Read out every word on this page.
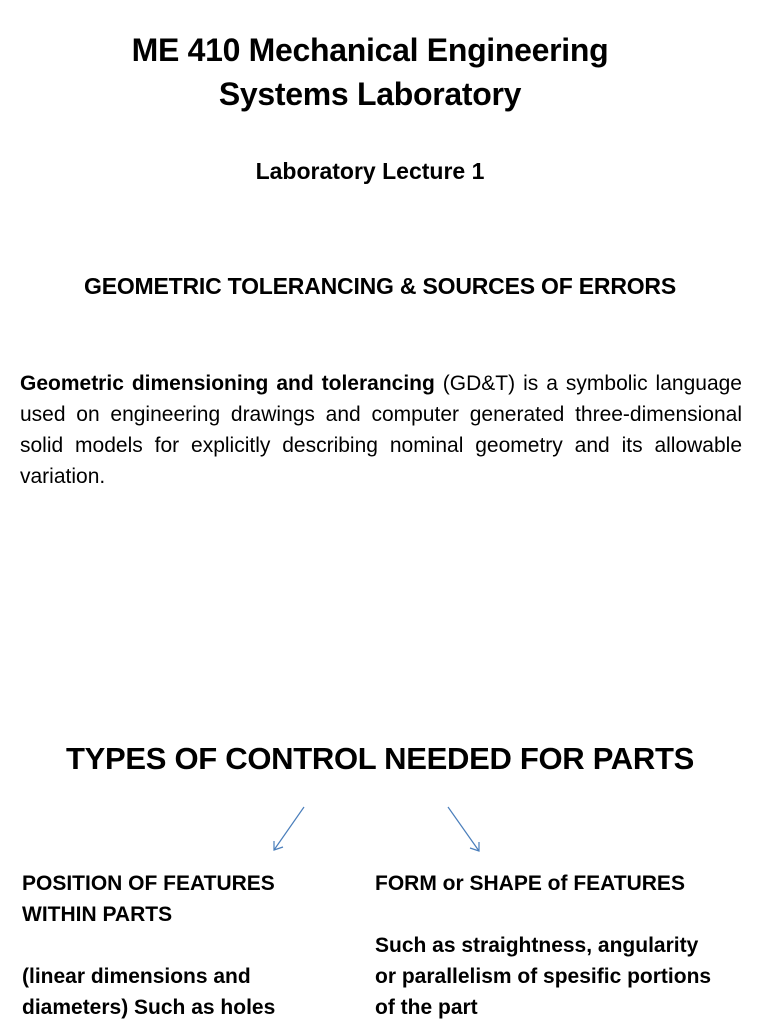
ME 410 Mechanical Engineering
Systems Laboratory
Laboratory Lecture 1
GEOMETRIC TOLERANCING & SOURCES OF ERRORS
Geometric dimensioning and tolerancing (GD&T) is a symbolic language used on engineering drawings and computer generated three-dimensional solid models for explicitly describing nominal geometry and its allowable variation.
TYPES OF CONTROL NEEDED FOR PARTS

POSITION OF FEATURES

WITHIN PARTS

(linear dimensions and

diameters) Such as holes

FORM or SHAPE of FEATURES

Such as straightness, angularity

or parallelism of spesific portions

of the part
